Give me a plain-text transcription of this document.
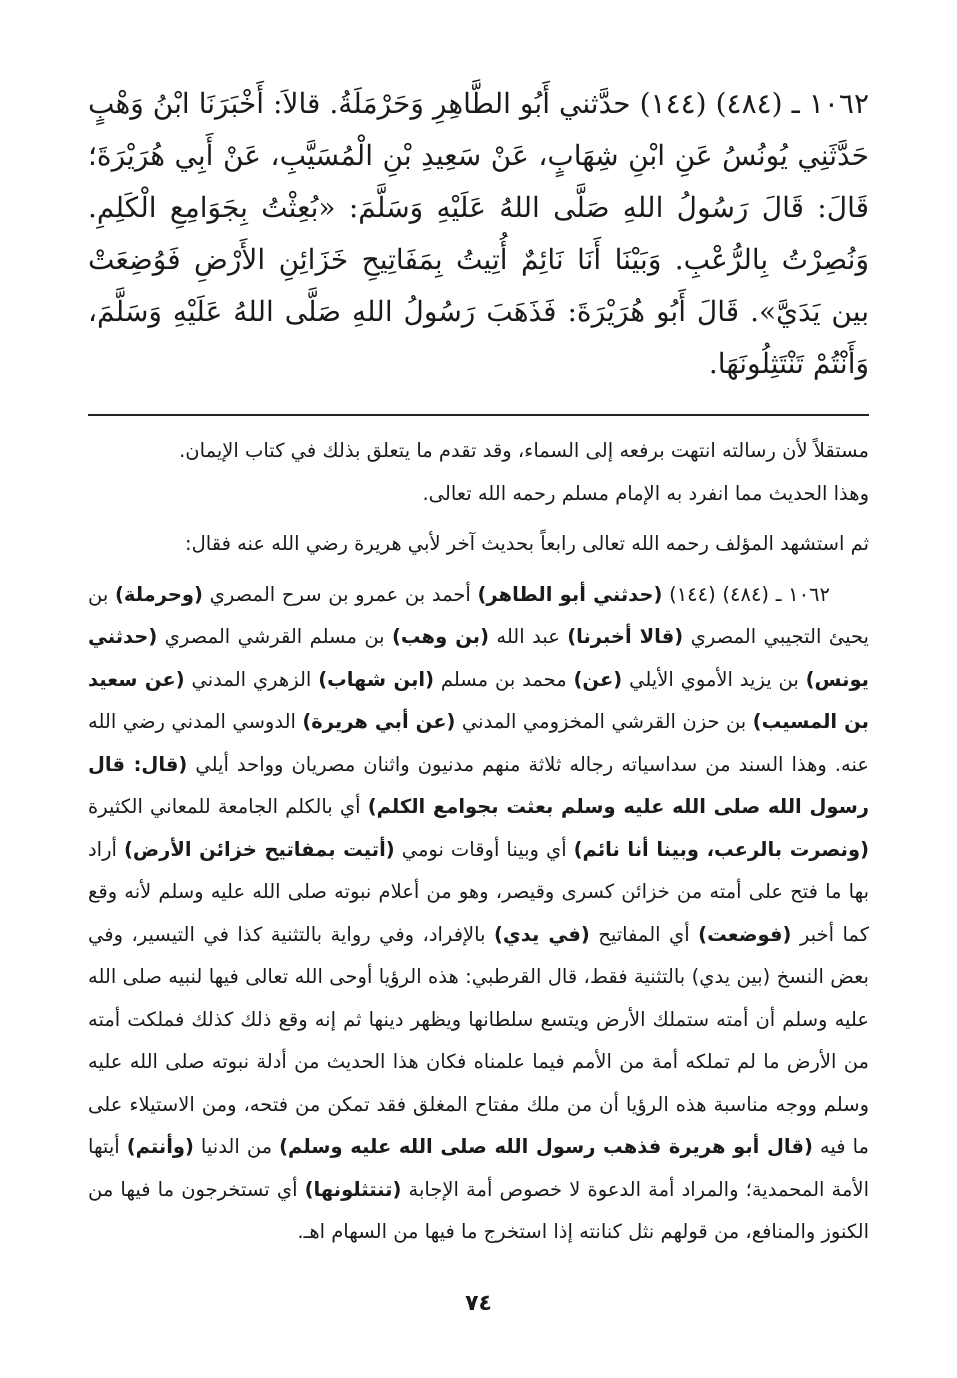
١٠٦٢ ـ (٤٨٤) (١٤٤) حدَّثني أَبُو الطَّاهِرِ وَحَرْمَلَةُ. قالاَ: أَخْبَرَنَا ابْنُ وَهْبٍ حَدَّثَنِي يُونُسُ عَنِ ابْنِ شِهَابٍ، عَنْ سَعِيدِ بْنِ الْمُسَيَّبِ، عَنْ أَبِي هُرَيْرَةَ؛ قَالَ: قَالَ رَسُولُ اللهِ صَلَّى اللهُ عَلَيْهِ وَسَلَّمَ: «بُعِثْتُ بِجَوَامِعِ الْكَلِمِ. وَنُصِرْتُ بِالرُّعْبِ. وَبَيْنَا أَنَا نَائِمٌ أُتِيتُ بِمَفَاتِيحِ خَزَائِنِ الأَرْضِ فَوُضِعَتْ بين يَدَيَّ». قَالَ أَبُو هُرَيْرَةَ: فَذَهَبَ رَسُولُ اللهِ صَلَّى اللهُ عَلَيْهِ وَسَلَّمَ، وَأَنْتُمْ تَنْتَثِلُونَهَا.

مستقلاً لأن رسالته انتهت برفعه إلى السماء، وقد تقدم ما يتعلق بذلك في كتاب الإيمان.

وهذا الحديث مما انفرد به الإمام مسلم رحمه الله تعالى.

ثم استشهد المؤلف رحمه الله تعالى رابعاً بحديث آخر لأبي هريرة رضي الله عنه فقال:

١٠٦٢ ـ (٤٨٤) (١٤٤) (حدثني أبو الطاهر) أحمد بن عمرو بن سرح المصري (وحرملة) بن يحيئ التجيبي المصري (قالا أخبرنا) عبد الله (بن وهب) بن مسلم القرشي المصري (حدثني يونس) بن يزيد الأموي الأيلي (عن) محمد بن مسلم (ابن شهاب) الزهري المدني (عن سعيد بن المسيب) بن حزن القرشي المخزومي المدني (عن أبي هريرة) الدوسي المدني رضي الله عنه. وهذا السند من سداسياته رجاله ثلاثة منهم مدنيون واثنان مصريان وواحد أيلي (قال: قال رسول الله صلى الله عليه وسلم بعثت بجوامع الكلم) أي بالكلم الجامعة للمعاني الكثيرة (ونصرت بالرعب، وبينا أنا نائم) أي وبينا أوقات نومي (أتيت بمفاتيح خزائن الأرض) أراد بها ما فتح على أمته من خزائن كسرى وقيصر، وهو من أعلام نبوته صلى الله عليه وسلم لأنه وقع كما أخبر (فوضعت) أي المفاتيح (في يدي) بالإفراد، وفي رواية بالتثنية كذا في التيسير، وفي بعض النسخ (بين يدي) بالتثنية فقط، قال القرطبي: هذه الرؤيا أوحى الله تعالى فيها لنبيه صلى الله عليه وسلم أن أمته ستملك الأرض ويتسع سلطانها ويظهر دينها ثم إنه وقع ذلك كذلك فملكت أمته من الأرض ما لم تملكه أمة من الأمم فيما علمناه فكان هذا الحديث من أدلة نبوته صلى الله عليه وسلم ووجه مناسبة هذه الرؤيا أن من ملك مفتاح المغلق فقد تمكن من فتحه، ومن الاستيلاء على ما فيه (قال أبو هريرة فذهب رسول الله صلى الله عليه وسلم) من الدنيا (وأنتم) أيتها الأمة المحمدية؛ والمراد أمة الدعوة لا خصوص أمة الإجابة (تنتثلونها) أي تستخرجون ما فيها من الكنوز والمنافع، من قولهم نثل كنانته إذا استخرج ما فيها من السهام اهـ.

٧٤
